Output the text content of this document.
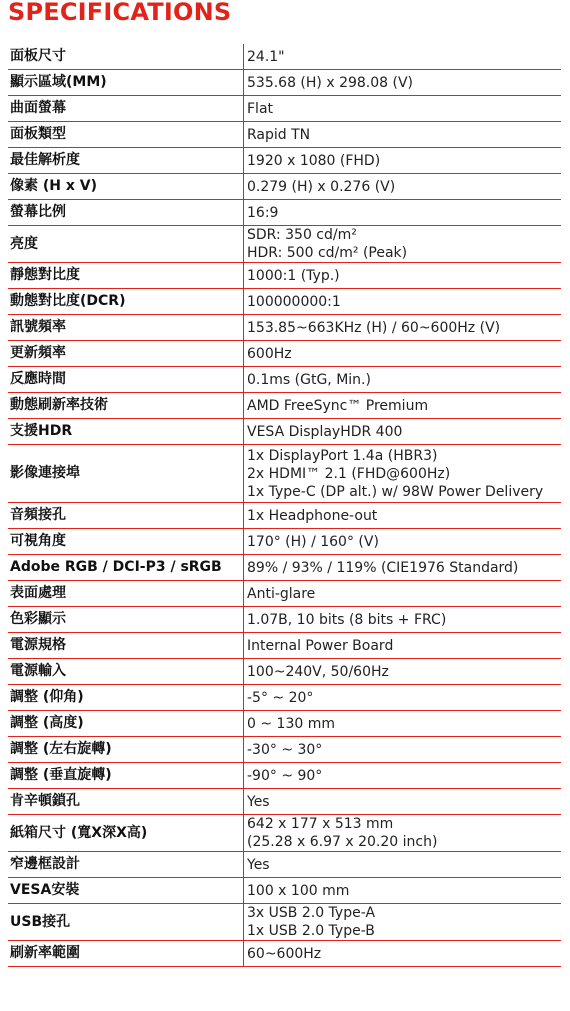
SPECIFICATIONS
面板尺寸		24.1"

顯示區域(MM)		535.68 (H) x 298.08 (V)

曲面螢幕		Flat

面板類型		Rapid TN

最佳解析度		1920 x 1080 (FHD)

像素 (H x V)		0.279 (H) x 0.276 (V)

螢幕比例		16:9

亮度		SDR: 350 cd/m²
HDR: 500 cd/m² (Peak)

靜態對比度		1000:1 (Typ.)

動態對比度(DCR)		100000000:1

訊號頻率		153.85~663KHz (H) / 60~600Hz (V)

更新頻率		600Hz

反應時間		0.1ms (GtG, Min.)

動態刷新率技術		AMD FreeSync™ Premium

支援HDR		VESA DisplayHDR 400

影像連接埠		1x DisplayPort 1.4a (HBR3)
2x HDMI™ 2.1 (FHD@600Hz)
1x Type-C (DP alt.) w/ 98W Power Delivery

音頻接孔		1x Headphone-out

可視角度		170° (H) / 160° (V)

Adobe RGB / DCI-P3 / sRGB		89% / 93% / 119% (CIE1976 Standard)

表面處理		Anti-glare

色彩顯示		1.07B, 10 bits (8 bits + FRC)

電源規格		Internal Power Board

電源輸入		100~240V, 50/60Hz

調整 (仰角)		-5° ~ 20°

調整 (高度)		0 ~ 130 mm

調整 (左右旋轉)		-30° ~ 30°

調整 (垂直旋轉)		-90° ~ 90°

肯辛頓鎖孔		Yes

紙箱尺寸 (寬X深X高)		642 x 177 x 513 mm
(25.28 x 6.97 x 20.20 inch)

窄邊框設計		Yes

VESA安裝		100 x 100 mm

USB接孔		3x USB 2.0 Type-A
1x USB 2.0 Type-B

刷新率範圍		60~600Hz
